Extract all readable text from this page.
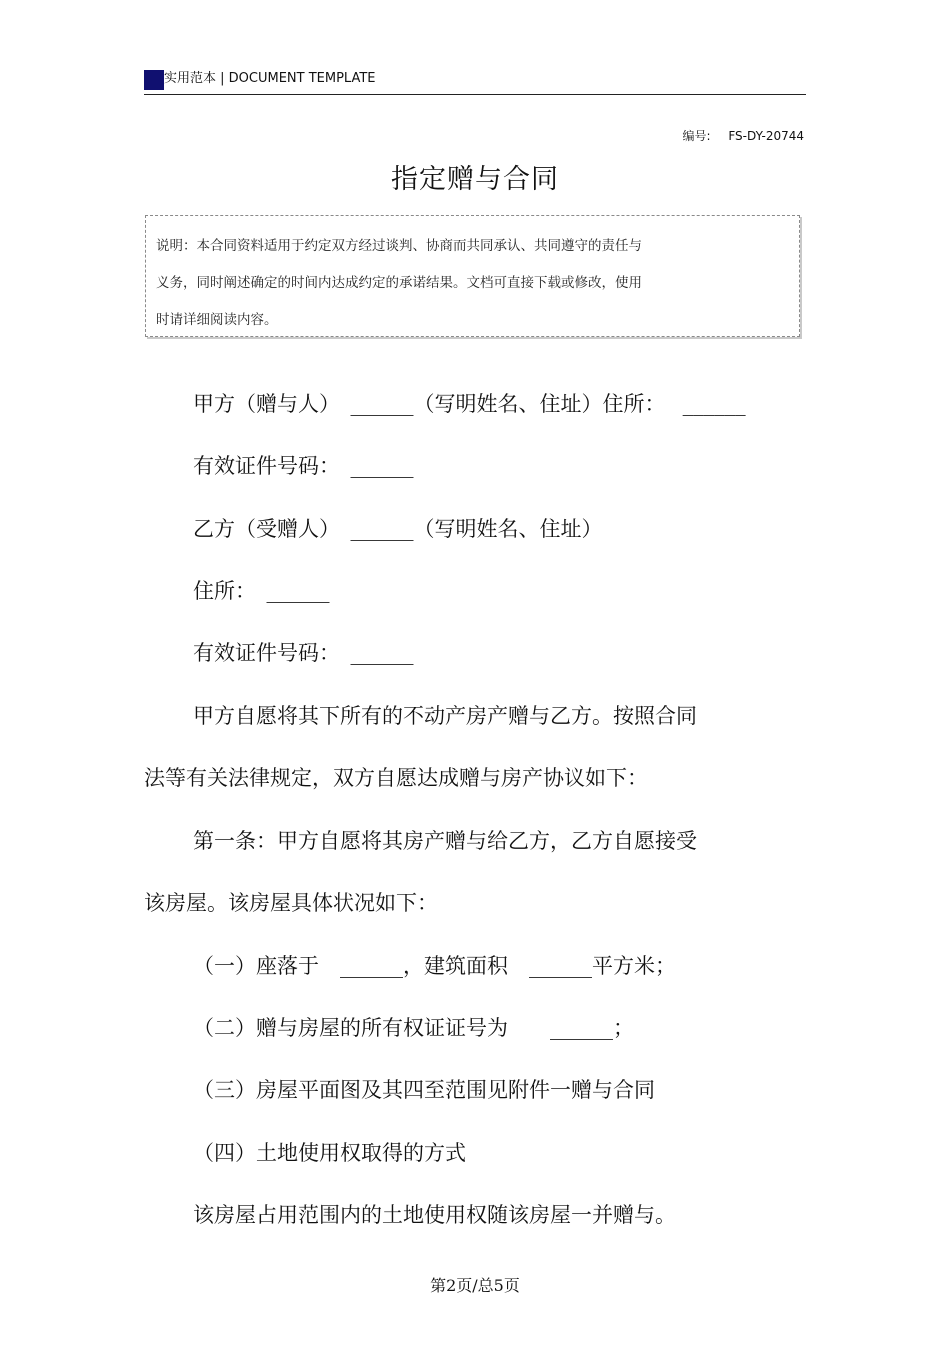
实用范本 | DOCUMENT TEMPLATE
编号: FS-DY-20744
指定赠与合同
说明：本合同资料适用于约定双方经过谈判、协商而共同承认、共同遵守的责任与
义务，同时阐述确定的时间内达成约定的承诺结果。文档可直接下载或修改，使用
时请详细阅读内容。
甲方（赠与人）　______（写明姓名、住址）住所：　 ______
有效证件号码：　______
乙方（受赠人）　______（写明姓名、住址）
住所：　______
有效证件号码：　______
甲方自愿将其下所有的不动产房产赠与乙方。按照合同
法等有关法律规定，双方自愿达成赠与房产协议如下：
第一条：甲方自愿将其房产赠与给乙方，乙方自愿接受
该房屋。该房屋具体状况如下：
（一）座落于　______，建筑面积　______平方米；
（二）赠与房屋的所有权证证号为　　______；
（三）房屋平面图及其四至范围见附件一赠与合同
（四）土地使用权取得的方式
该房屋占用范围内的土地使用权随该房屋一并赠与。
第2页/总5页
